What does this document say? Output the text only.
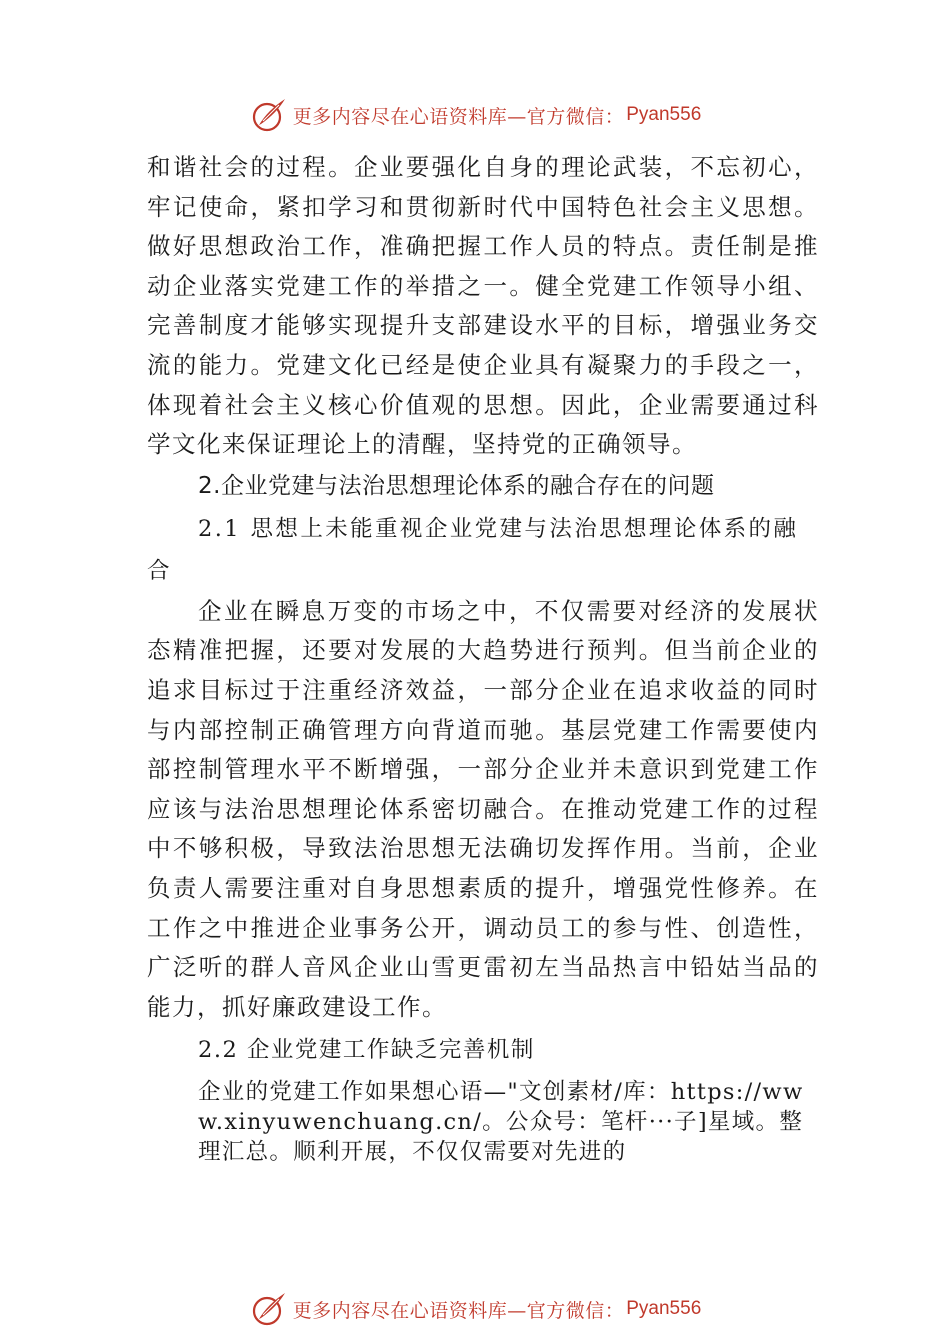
更多内容尽在心语资料库—官方微信： Pyan556

和谐社会的过程。企业要强化自身的理论武装，不忘初心， 牢记使命，紧扣学习和贯彻新时代中国特色社会主义思想。 做好思想政治工作，准确把握工作人员的特点。责任制是推动企业落实党建工作的举措之一。健全党建工作领导小组、 完善制度才能够实现提升支部建设水平的目标，增强业务交流的能力。党建文化已经是使企业具有凝聚力的手段之一， 体现着社会主义核心价值观的思想。因此，企业需要通过科学文化来保证理论上的清醒，坚持党的正确领导。

2.企业党建与法治思想理论体系的融合存在的问题

2.1 思想上未能重视企业党建与法治思想理论体系的融合

企业在瞬息万变的市场之中，不仅需要对经济的发展状态精准把握，还要对发展的大趋势进行预判。但当前企业的追求目标过于注重经济效益，一部分企业在追求收益的同时与内部控制正确管理方向背道而驰。基层党建工作需要使内部控制管理水平不断增强，一部分企业并未意识到党建工作应该与法治思想理论体系密切融合。在推动党建工作的过程中不够积极，导致法治思想无法确切发挥作用。当前，企业负责人需要注重对自身思想素质的提升，增强党性修养。在工作之中推进企业事务公开，调动员工的参与性、创造性， 广泛听的群人音风企业山雪更雷初左当品热言中铅姑当品的能力，抓好廉政建设工作。

2.2 企业党建工作缺乏完善机制

企业的党建工作如果想心语—"文创素材/库：https://www.xinyuwenchuang.cn/。公众号：笔杆···子]星域。整理汇总。顺利开展，不仅仅需要对先进的

更多内容尽在心语资料库—官方微信： Pyan556
